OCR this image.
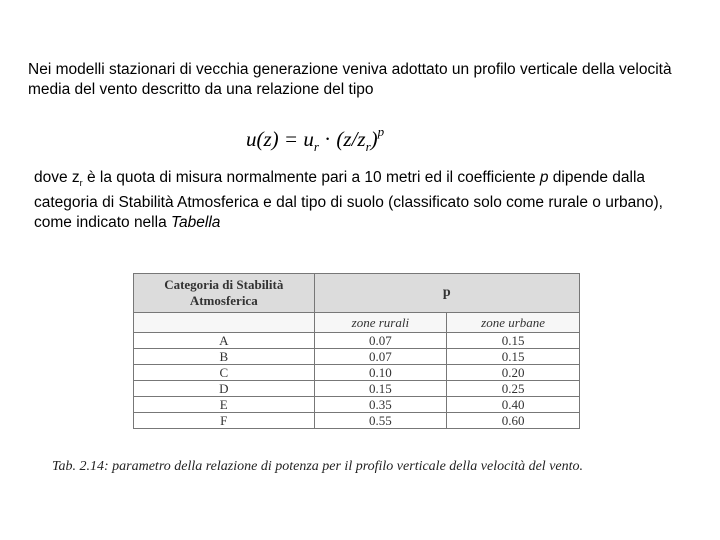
Nei modelli stazionari di vecchia generazione veniva adottato un profilo verticale della velocità media del vento descritto da una relazione del tipo

$u(z) = u_r \cdot (z/z_r)^p$

dove $z_r$ è la quota di misura normalmente pari a 10 metri ed il coefficiente p dipende dalla categoria di Stabilità Atmosferica e dal tipo di suolo (classificato solo come rurale o urbano), come indicato nella Tabella

Categoria di Stabilità Atmosferica	p	
	zone rurali	zone urbane
A	0.07	0.15
B	0.07	0.15
C	0.10	0.20
D	0.15	0.25
E	0.35	0.40
F	0.55	0.60
Tab. 2.14: parametro della relazione di potenza per il profilo verticale della velocità del vento.
